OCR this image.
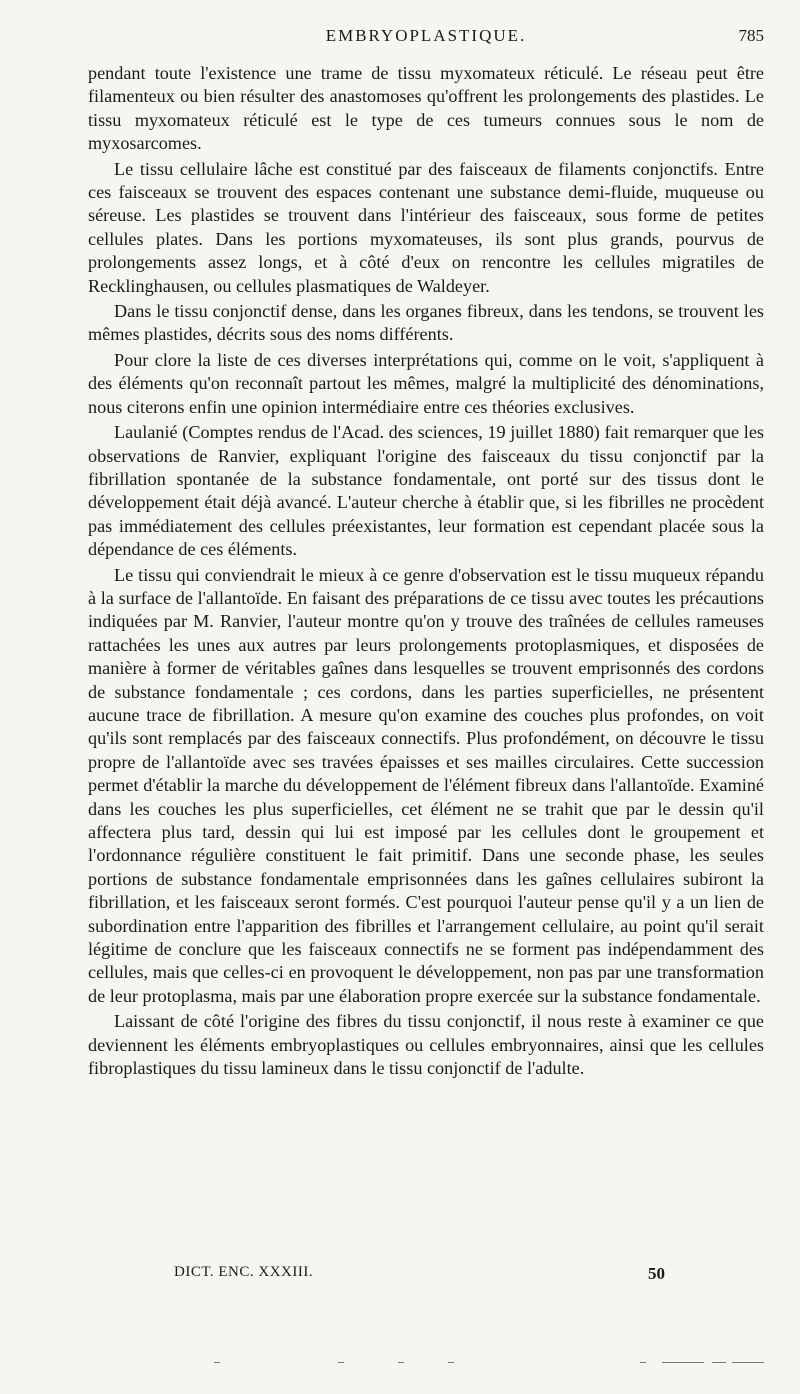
EMBRYOPLASTIQUE.	785

pendant toute l'existence une trame de tissu myxomateux réticulé. Le réseau peut être filamenteux ou bien résulter des anastomoses qu'offrent les prolongements des plastides. Le tissu myxomateux réticulé est le type de ces tumeurs connues sous le nom de myxosarcomes.

Le tissu cellulaire lâche est constitué par des faisceaux de filaments conjonctifs. Entre ces faisceaux se trouvent des espaces contenant une substance demi-fluide, muqueuse ou séreuse. Les plastides se trouvent dans l'intérieur des faisceaux, sous forme de petites cellules plates. Dans les portions myxomateuses, ils sont plus grands, pourvus de prolongements assez longs, et à côté d'eux on rencontre les cellules migratiles de Recklinghausen, ou cellules plasmatiques de Waldeyer.

Dans le tissu conjonctif dense, dans les organes fibreux, dans les tendons, se trouvent les mêmes plastides, décrits sous des noms différents.

Pour clore la liste de ces diverses interprétations qui, comme on le voit, s'appliquent à des éléments qu'on reconnaît partout les mêmes, malgré la multiplicité des dénominations, nous citerons enfin une opinion intermédiaire entre ces théories exclusives.

Laulanié (Comptes rendus de l'Acad. des sciences, 19 juillet 1880) fait remarquer que les observations de Ranvier, expliquant l'origine des faisceaux du tissu conjonctif par la fibrillation spontanée de la substance fondamentale, ont porté sur des tissus dont le développement était déjà avancé. L'auteur cherche à établir que, si les fibrilles ne procèdent pas immédiatement des cellules préexistantes, leur formation est cependant placée sous la dépendance de ces éléments.

Le tissu qui conviendrait le mieux à ce genre d'observation est le tissu muqueux répandu à la surface de l'allantoïde. En faisant des préparations de ce tissu avec toutes les précautions indiquées par M. Ranvier, l'auteur montre qu'on y trouve des traînées de cellules rameuses rattachées les unes aux autres par leurs prolongements protoplasmiques, et disposées de manière à former de véritables gaînes dans lesquelles se trouvent emprisonnés des cordons de substance fondamentale ; ces cordons, dans les parties superficielles, ne présentent aucune trace de fibrillation. A mesure qu'on examine des couches plus profondes, on voit qu'ils sont remplacés par des faisceaux connectifs. Plus profondément, on découvre le tissu propre de l'allantoïde avec ses travées épaisses et ses mailles circulaires. Cette succession permet d'établir la marche du développement de l'élément fibreux dans l'allantoïde. Examiné dans les couches les plus superficielles, cet élément ne se trahit que par le dessin qu'il affectera plus tard, dessin qui lui est imposé par les cellules dont le groupement et l'ordonnance régulière constituent le fait primitif. Dans une seconde phase, les seules portions de substance fondamentale emprisonnées dans les gaînes cellulaires subiront la fibrillation, et les faisceaux seront formés. C'est pourquoi l'auteur pense qu'il y a un lien de subordination entre l'apparition des fibrilles et l'arrangement cellulaire, au point qu'il serait légitime de conclure que les faisceaux connectifs ne se forment pas indépendamment des cellules, mais que celles-ci en provoquent le développement, non pas par une transformation de leur protoplasma, mais par une élaboration propre exercée sur la substance fondamentale.

Laissant de côté l'origine des fibres du tissu conjonctif, il nous reste à examiner ce que deviennent les éléments embryoplastiques ou cellules embryonnaires, ainsi que les cellules fibroplastiques du tissu lamineux dans le tissu conjonctif de l'adulte.

DICT. ENC. XXXIII.	50
